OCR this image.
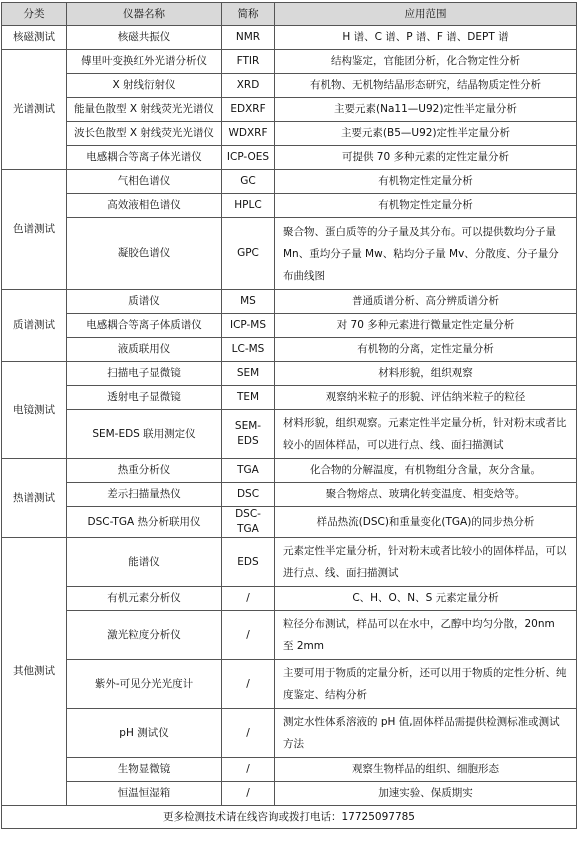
分类	仪器名称	简称	应用范围
核磁测试	核磁共振仪	NMR	H 谱、C 谱、P 谱、F 谱、DEPT 谱
光谱测试	傅里叶变换红外光谱分析仪	FTIR	结构鉴定，官能团分析，化合物定性分析
	X 射线衍射仪	XRD	有机物、无机物结晶形态研究，结晶物质定性分析
	能量色散型 X 射线荧光光谱仪	EDXRF	主要元素(Na11—U92)定性半定量分析
	波长色散型 X 射线荧光光谱仪	WDXRF	主要元素(B5—U92)定性半定量分析
	电感耦合等离子体光谱仪	ICP-OES	可提供 70 多种元素的定性定量分析
色谱测试	气相色谱仪	GC	有机物定性定量分析
	高效液相色谱仪	HPLC	有机物定性定量分析
	凝胶色谱仪	GPC	聚合物、蛋白质等的分子量及其分布。可以提供数均分子量 Mn、重均分子量 Mw、粘均分子量 Mv、分散度、分子量分布曲线图
质谱测试	质谱仪	MS	普通质谱分析、高分辨质谱分析
	电感耦合等离子体质谱仪	ICP-MS	对 70 多种元素进行微量定性定量分析
	液质联用仪	LC-MS	有机物的分离，定性定量分析
电镜测试	扫描电子显微镜	SEM	材料形貌，组织观察
	透射电子显微镜	TEM	观察纳米粒子的形貌、评估纳米粒子的粒径
	SEM-EDS 联用测定仪	SEM-EDS	材料形貌，组织观察。元素定性半定量分析，针对粉末或者比较小的固体样品，可以进行点、线、面扫描测试
热谱测试	热重分析仪	TGA	化合物的分解温度，有机物组分含量，灰分含量。
	差示扫描量热仪	DSC	聚合物熔点、玻璃化转变温度、相变焓等。
	DSC-TGA 热分析联用仪	DSC-TGA	样品热流(DSC)和重量变化(TGA)的同步热分析
其他测试	能谱仪	EDS	元素定性半定量分析，针对粉末或者比较小的固体样品，可以进行点、线、面扫描测试
	有机元素分析仪	/	C、H、O、N、S 元素定量分析
	激光粒度分析仪	/	粒径分布测试，样品可以在水中，乙醇中均匀分散，20nm 至 2mm
	紫外-可见分光光度计	/	主要可用于物质的定量分析，还可以用于物质的定性分析、纯度鉴定、结构分析
	pH 测试仪	/	测定水性体系溶液的 pH 值,固体样品需提供检测标准或测试方法
	生物显微镜	/	观察生物样品的组织、细胞形态
	恒温恒湿箱	/	加速实验、保质期实
更多检测技术请在线咨询或拨打电话：17725097785			
